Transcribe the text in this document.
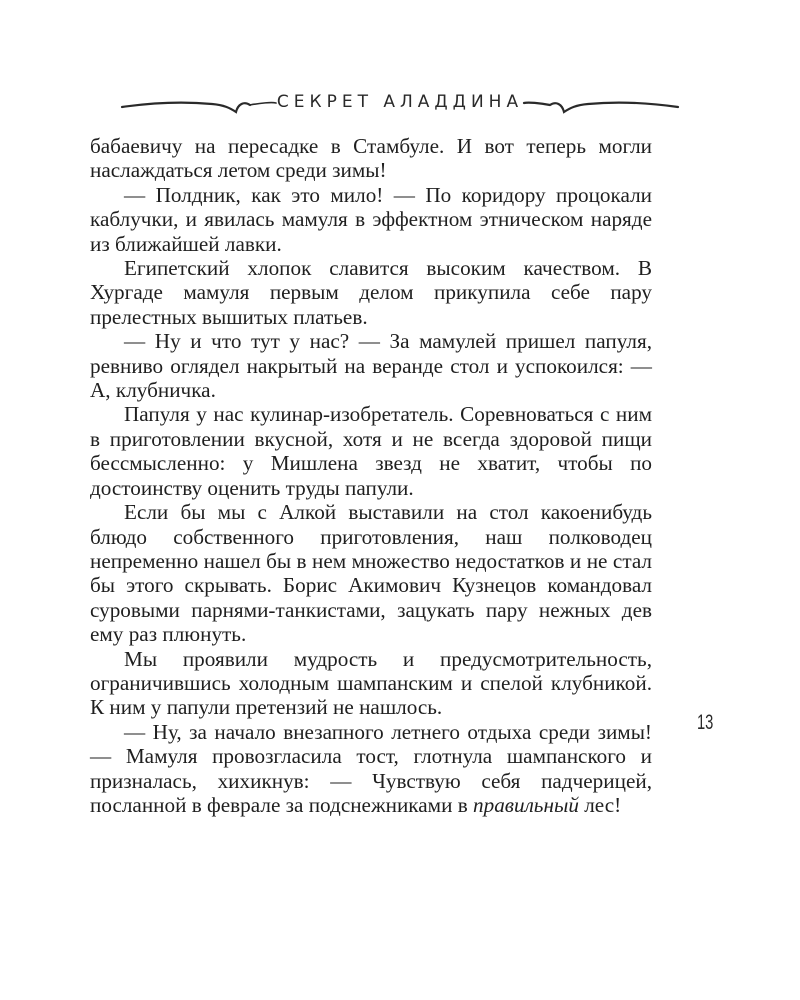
СЕКРЕТ АЛАДДИНА

бабаевичу на пересадке в Стамбуле. И вот теперь могли наслаждаться летом среди зимы!

— Полдник, как это мило! — По коридору процокали каблучки, и явилась мамуля в эффектном этническом наряде из ближайшей лавки.

Египетский хлопок славится высоким качеством. В Хургаде мамуля первым делом прикупила себе пару прелестных вышитых платьев.

— Ну и что тут у нас? — За мамулей пришел папуля, ревниво оглядел накрытый на веранде стол и успокоился: — А, клубничка.

Папуля у нас кулинар-изобретатель. Соревноваться с ним в приготовлении вкусной, хотя и не всегда здоровой пищи бессмысленно: у Мишлена звезд не хватит, чтобы по достоинству оценить труды папули.

Если бы мы с Алкой выставили на стол какоенибудь блюдо собственного приготовления, наш полководец непременно нашел бы в нем множество недостатков и не стал бы этого скрывать. Борис Акимович Кузнецов командовал суровыми парнями-танкистами, зацукать пару нежных дев ему раз плюнуть.

Мы проявили мудрость и предусмотрительность, ограничившись холодным шампанским и спелой клубникой. К ним у папули претензий не нашлось.

— Ну, за начало внезапного летнего отдыха среди зимы! — Мамуля провозгласила тост, глотнула шампанского и призналась, хихикнув: — Чувствую себя падчерицей, посланной в феврале за подснежниками в правильный лес!

13
